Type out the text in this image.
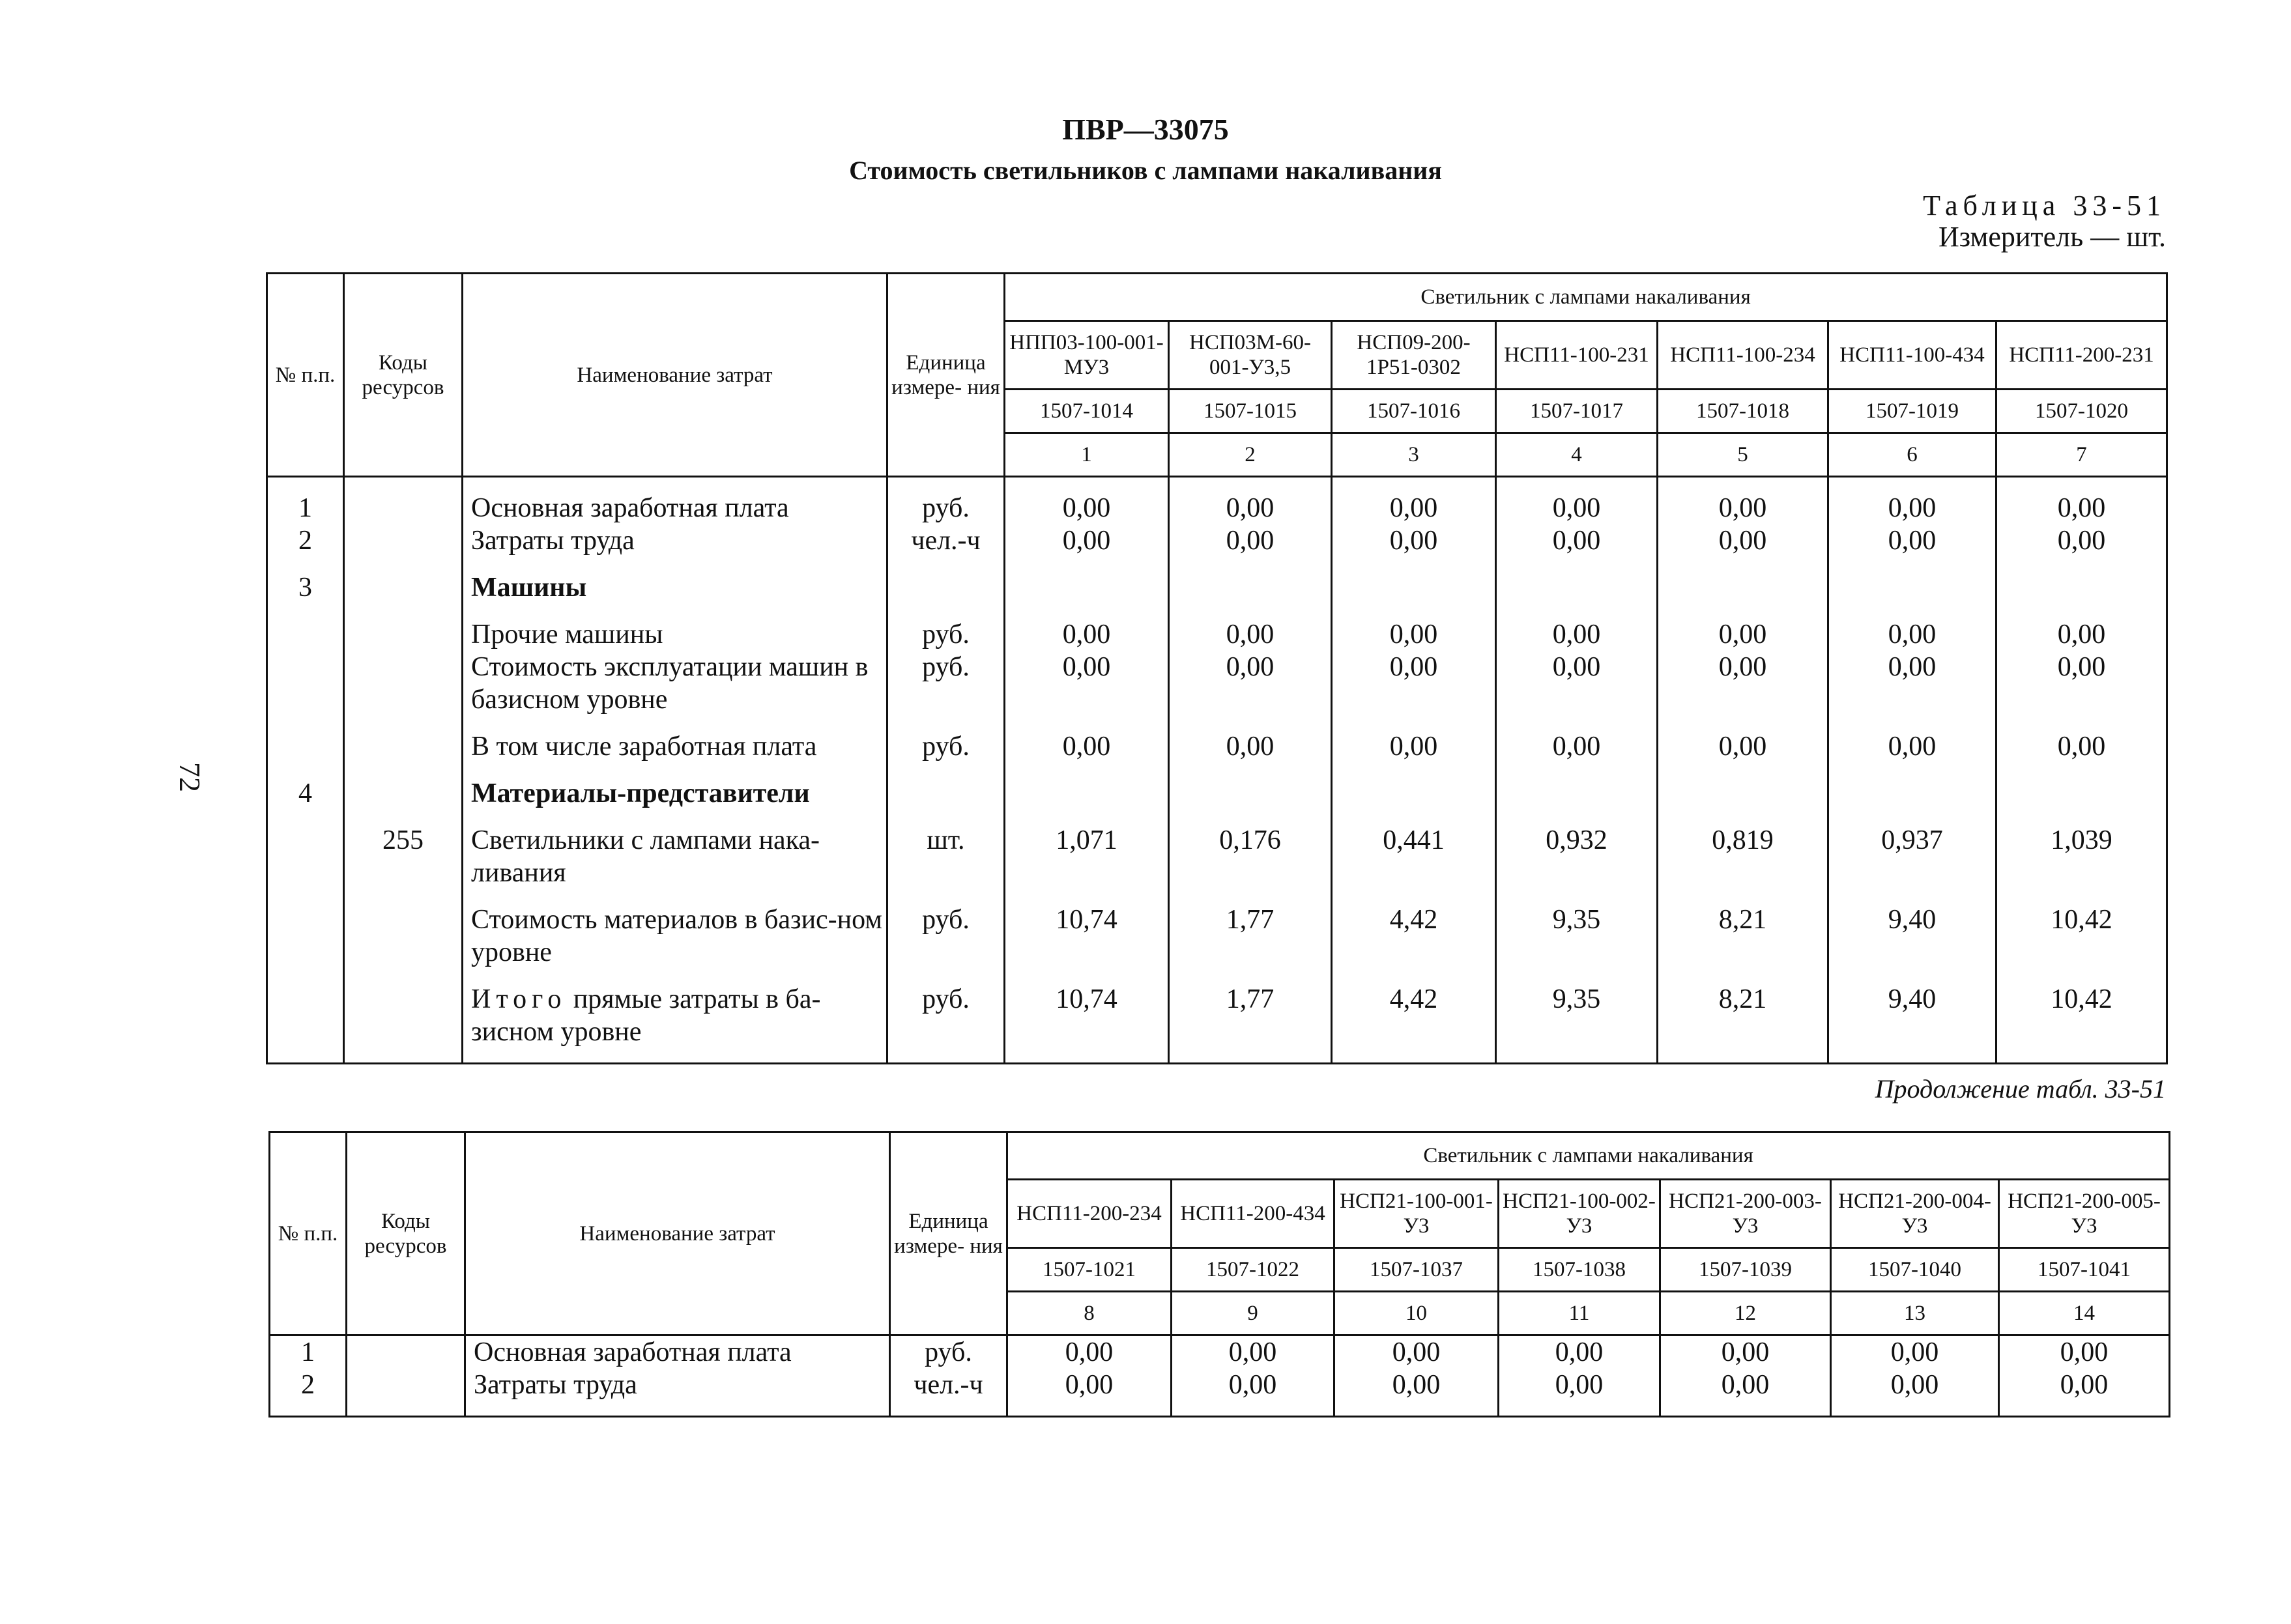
ПВР—33075
Стоимость светильников с лампами накаливания
Таблица 33-51
Измеритель — шт.
72
№ п.п.	Коды ресурсов	Наименование затрат	Единица измере- ния	Светильник с лампами накаливания						
				НПП03-100-001-МУ3	НСП03М-60-001-У3,5	НСП09-200-1Р51-0302	НСП11-100-231	НСП11-100-234	НСП11-100-434	НСП11-200-231
				1507-1014	1507-1015	1507-1016	1507-1017	1507-1018	1507-1019	1507-1020
				1	2	3	4	5	6	7

1		Основная заработная плата	руб.	0,00	0,00	0,00	0,00	0,00	0,00	0,00
2		Затраты труда	чел.-ч	0,00	0,00	0,00	0,00	0,00	0,00	0,00

3		Машины								

		Прочие машины	руб.	0,00	0,00	0,00	0,00	0,00	0,00	0,00
		Стоимость эксплуатации машин в базисном уровне	руб.	0,00	0,00	0,00	0,00	0,00	0,00	0,00

		В том числе заработная плата	руб.	0,00	0,00	0,00	0,00	0,00	0,00	0,00

4		Материалы-представители								

	255	Светильники с лампами нака-ливания	шт.	1,071	0,176	0,441	0,932	0,819	0,937	1,039

		Стоимость материалов в базис-ном уровне	руб.	10,74	1,77	4,42	9,35	8,21	9,40	10,42

		Итого прямые затраты в ба-зисном уровне	руб.	10,74	1,77	4,42	9,35	8,21	9,40	10,42

Продолжение табл. 33-51
№ п.п.	Коды ресурсов	Наименование затрат	Единица измере- ния	Светильник с лампами накаливания						
				НСП11-200-234	НСП11-200-434	НСП21-100-001-У3	НСП21-100-002-У3	НСП21-200-003-У3	НСП21-200-004-У3	НСП21-200-005-У3
				1507-1021	1507-1022	1507-1037	1507-1038	1507-1039	1507-1040	1507-1041
				8	9	10	11	12	13	14
1		Основная заработная плата	руб.	0,00	0,00	0,00	0,00	0,00	0,00	0,00
2		Затраты труда	чел.-ч	0,00	0,00	0,00	0,00	0,00	0,00	0,00
